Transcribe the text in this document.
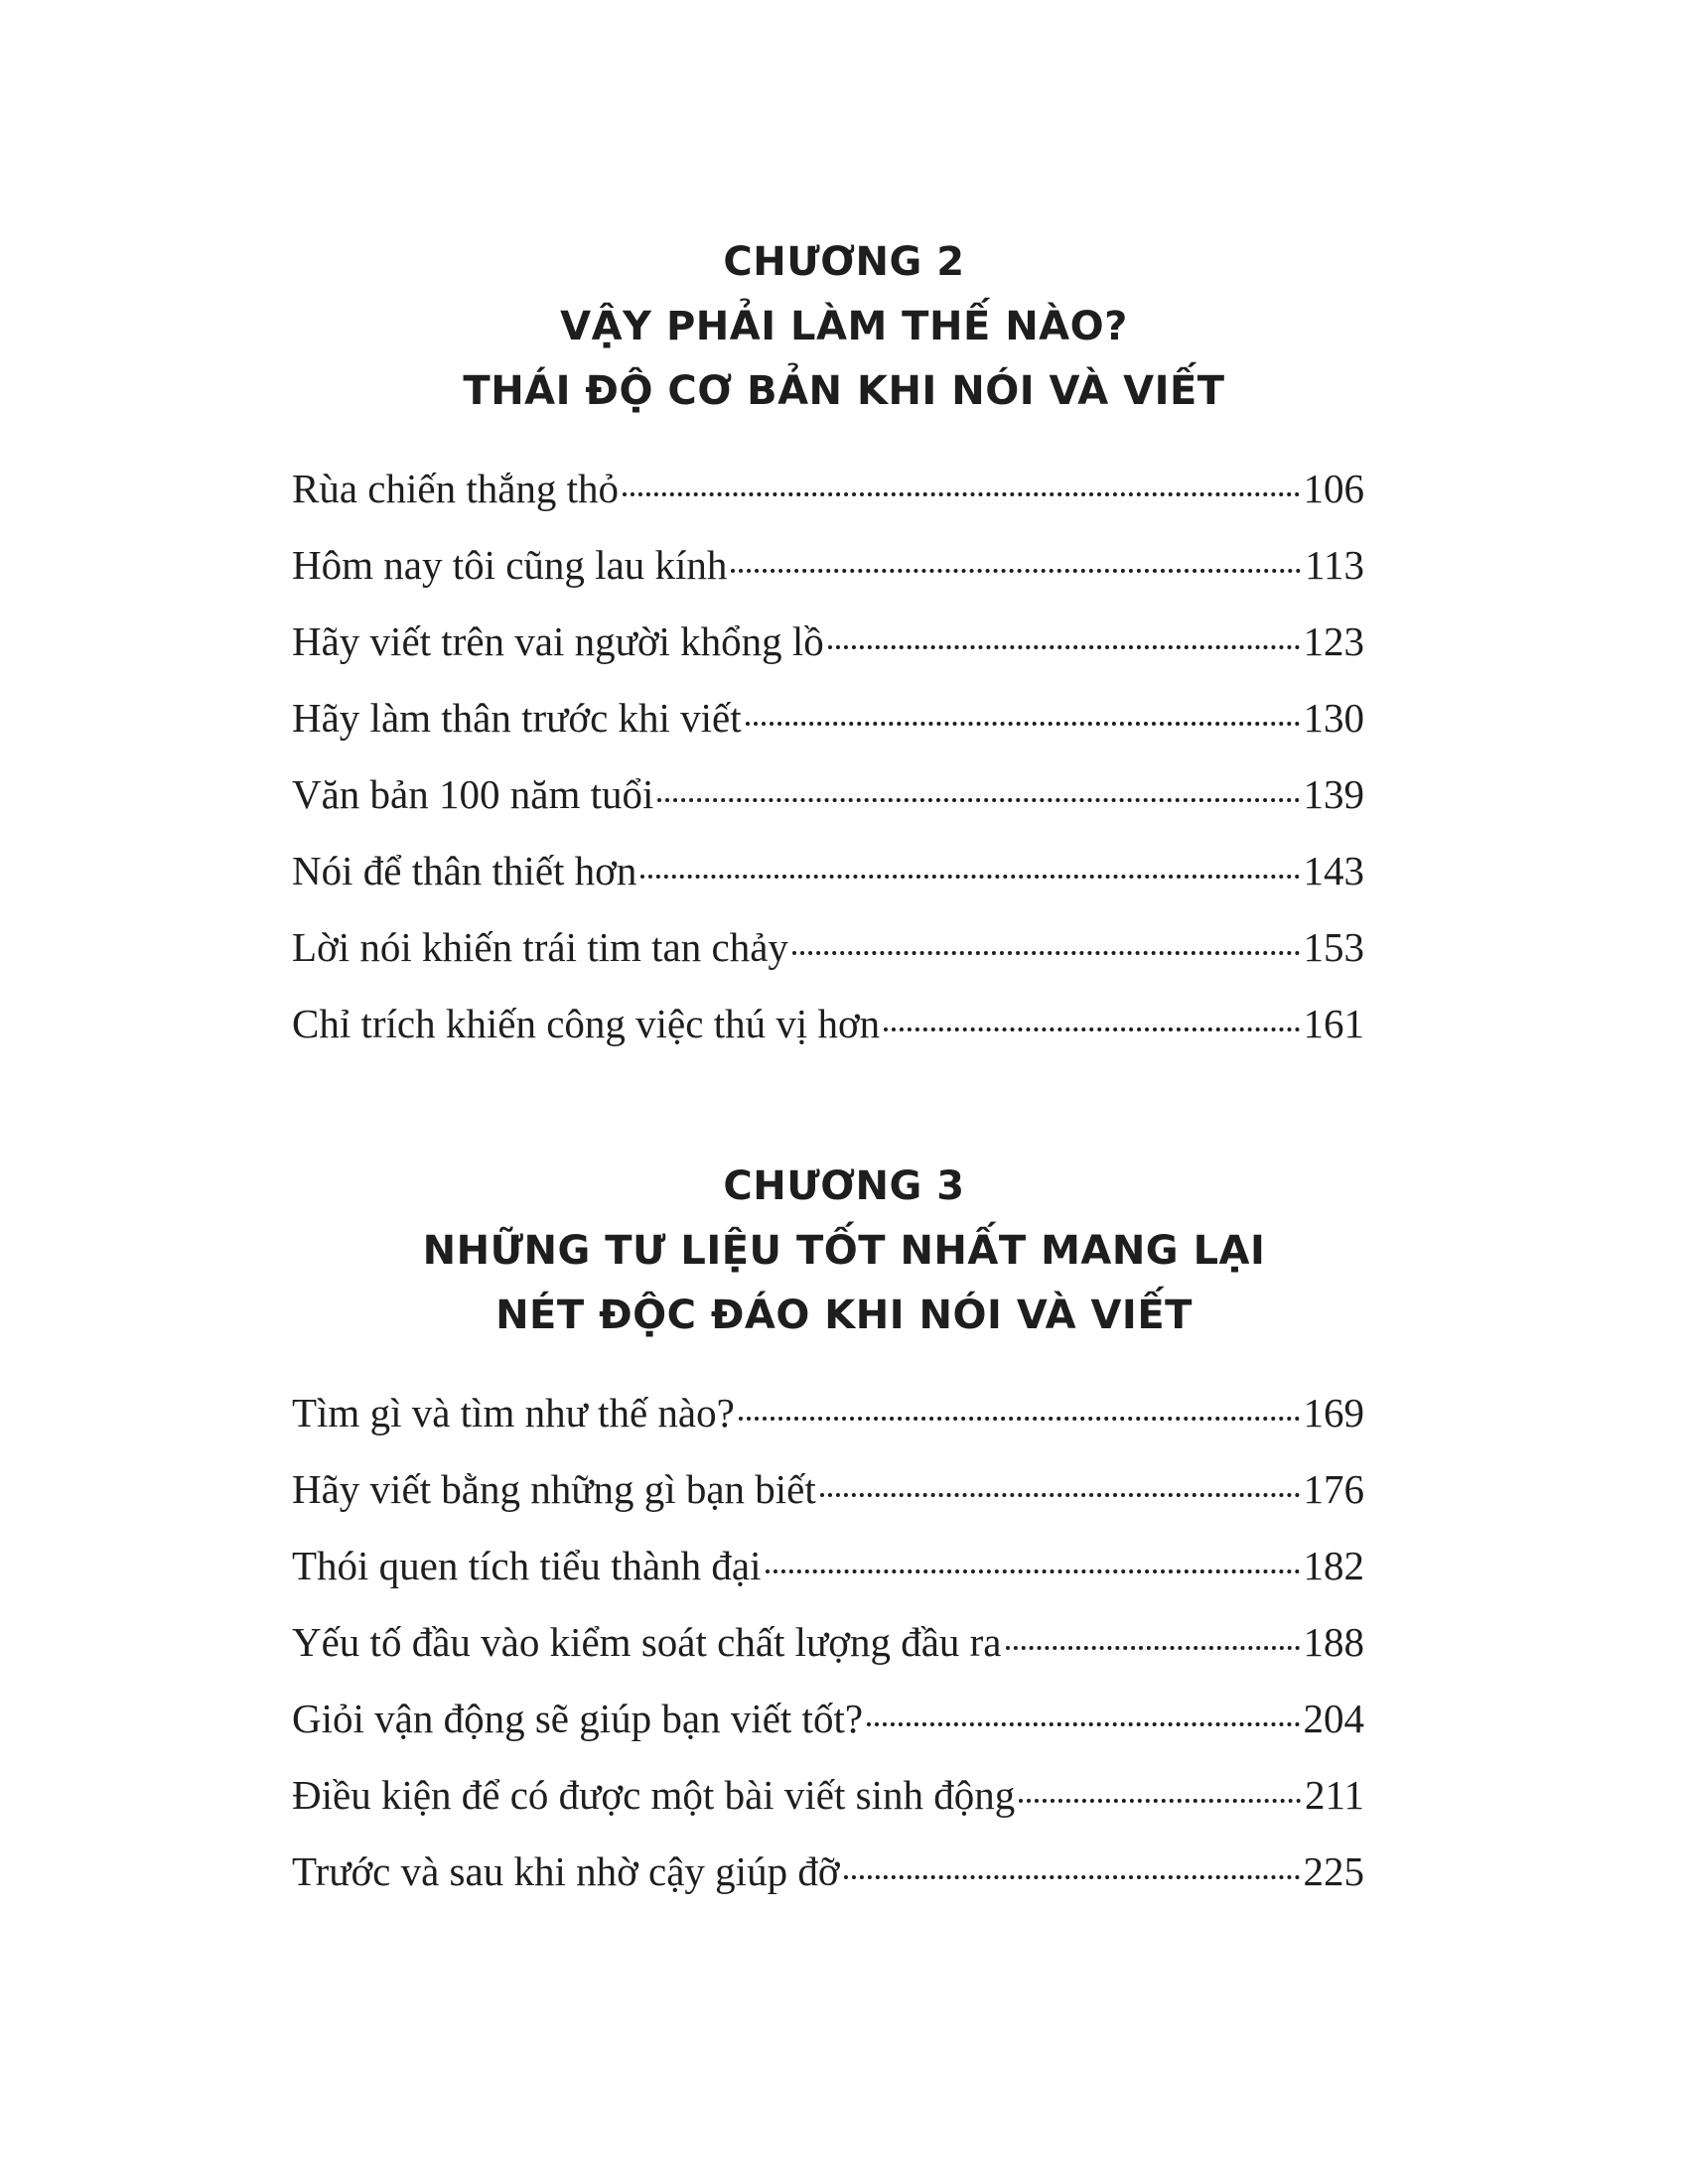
CHƯƠNG 2
VẬY PHẢI LÀM THẾ NÀO?
THÁI ĐỘ CƠ BẢN KHI NÓI VÀ VIẾT
Rùa chiến thắng thỏ	106
Hôm nay tôi cũng lau kính	113
Hãy viết trên vai người khổng lồ	123
Hãy làm thân trước khi viết	130
Văn bản 100 năm tuổi	139
Nói để thân thiết hơn	143
Lời nói khiến trái tim tan chảy	153
Chỉ trích khiến công việc thú vị hơn	161
CHƯƠNG 3
NHỮNG TƯ LIỆU TỐT NHẤT MANG LẠI
NÉT ĐỘC ĐÁO KHI NÓI VÀ VIẾT
Tìm gì và tìm như thế nào?	169
Hãy viết bằng những gì bạn biết	176
Thói quen tích tiểu thành đại	182
Yếu tố đầu vào kiểm soát chất lượng đầu ra	188
Giỏi vận động sẽ giúp bạn viết tốt?	204
Điều kiện để có được một bài viết sinh động	211
Trước và sau khi nhờ cậy giúp đỡ	225
